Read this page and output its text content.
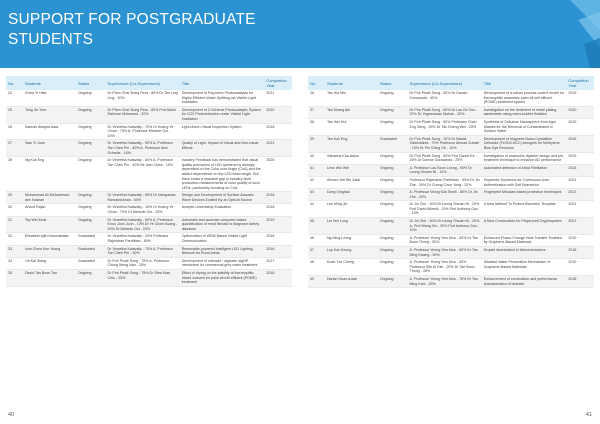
SUPPORT FOR POSTGRADUATE
STUDENTS
No.	Students	Status	Supervisors (Co-Supervisors)	Title	Completion Year
24	Chew Yi Hsia	Ongoing	Dr Phen Chai Siong Pear - 80% Dr Tan Ling Ling - 20%	Development of Polymeric Photocatalysts for Highly Efficient Water-Splitting via Visible-Light Irradiation	2021
25	Tang Jie Yinn	Ongoing	Dr Phen Chai Siong Pear - 80% Prof Abdul Rahman Mohamed - 20%	Development of Z-Scheme Photocatalytic System for CO2 Photoreduction under Visible Light Irradiation	2020
26	Sanush Abayee-kara	Ongoing	Dr Vineetha Kalavally - 70% Dr Kuang Ye Chow - 70% A. Professor Melanie Ooi - 10%	Light-driven Visual Inspection System	2018
27	Saw Yi Juan	Ongoing	Dr Vineetha Kalavally - 50% A. Professor Tan Chee Pin - 40% A. Professor Alex Scharlie - 10%	Quality of Light- Impact of Visual and Non-visual Effects	2021
28	Ng Kok Eng	Ongoing	Dr Vineetha Kalavally - 60% A. Professor Tan Chee Pin - 30% Mr Ivan Chew - 10%	Industry Feedback has demonstrated that visual quality perception of LED spectrum is strongly dependent on the Color over Angle (CoA) and the added dependence on the LED beam angle. But there exists a research gap in industry-level production measurements of color quality of such LEDs, particularly focusing on CoA.	2025
29	Mohammad Ali Mohammad-deh Kashan	Ongoing	Dr Vineetha Kalavally - 50% Dr Narayanan Ramakrishnan - 50%	Design and Development of Surface Acoustic Wave Devices Excited By an Optical Source	2018
30	Arvind Rajan	Ongoing	Dr Vineetha Kalavally - 15% Dr Kuang Ye Chow - 70% Dr Melanie Ooi - 15%	Analytic Uncertainty Evaluation	2018
31	Tey Wei Keat	Ongoing	Dr Vineetha Kalavally - 50% A. Professor Khoo Joon Joon - 10% Dr Ye Chow Kuang - 20% Dr Melanie Ooi - 20%	Automatic and accurate computer-based quantification of renal fibrosis to diagnose kidney diseases	2019
32	Elisabeth Ajith Karunatilaka	Graduated	Dr Vineetha Kalavally - 20% Professor Rajendran Parthiban - 80%	Optimization of WDM Based Visible Light Communication	2018
33	Ivan Chew Ken Yoong	Graduated	Dr Vineetha Kalavally - 70% A. Professor Tan Chee Pin - 30%	Renewable-powered Intelligent LED Lighting Network for Rural Areas	2016
34	Oh Kai Siang	Graduated	Dr Poh Phaik Song - 75% A. Professor Chung Meng Nan - 25%	Development of chitosan / alginate /AgNP membrane for commercial grey water treatment.	2017
35	David Tan Boon Tao	Ongoing	Dr Poh Phaik Song - 75% Dr Siew Kian Chin - 25%	Effect of drying on the stability of thermophilic mixed cultures for palm oil mill effluent (POME) treatment	2018
No.	Students	Status	Supervisors (Co-Supervisors)	Title	Completion Year
36	Tan Hui Min	Ongoing	Dr Poh Phaik Song - 60% Dr Darwin Gouwanda - 40%	Development of a robust process control model for thermophilic anaerobic palm oil mill effluent (POME) treatment system	2019
37	Tan Khang Ale	Ongoing	Dr Poh Phaik Song - 60% Dr Lau Ee Von - 20% Dr Yogeswaran Mohan - 20%	Investigation on the treatment of metal plating wastewater using micro-bubble flotation	2020
38	Tan Wei Hui	Ongoing	Dr Poh Phaik Song - 50% Professor Chan Eng Seng - 25% Dr Tan Kheng Wei - 25%	Synthesis of Cellulose Nanosphere from Agro Wastes for the Removal of Contaminants in Surface Water	2019
39	Tan Kok Eng	Graduated	Dr Poh Phaik Song - 10% Dr Babak Salamatinia - 70% Professor Ahmad Zuhairi - 10% Dr Pei Ching Oh - 10%	Development of Magnetic Nano-Crystalline Cellulose (Fe3O4-NCC) Aerogels for Methylene Blue Dye Removal	2016
40	Sabarina Kha-daloo	Ongoing	Dr Poh Phaik Song - 50% Prof Daniel Ee - 25% Dr Darwin Gouwanda - 25%	Investigation of anaerobic digester design and pre-treatment technique to enhance AD performance	2019
41	Lenz Wei Wei	Ongoing	A. Professor Lau Boon Leong - 90% Dr Leong Shiuan Ni - 10%	Automated detection of Atrial Fibrillation	2018
42	Ahmed Zeil Bin Zaidi	Ongoing	Professor Rajendran Parthiban - 50% Dr Jin Zhe - 30% Dr Chong Chun Yong - 20%	Keystroke Dynamics for Continuous User Authentication with Soft Biometrics	2021
43	Dong Xinghao	Ongoing	A. Professor Wong Kok Sheik - 80% Dr Jin Zhe - 20%	Fingerprint Minutiae-based protection techniques	2021
44	Lee Ming Jie	Ongoing	Dr Jin Zhe - 30% Dr Leong Shiuan Ni - 20% Prof David Alberdi - 20% Prof Anthony Guo - 10%	A New Method To Protect Biometric Template	2021
45	Lai Yen Lung	Ongoing	Dr Jin Zhe - 30% Dr Leong Shiuan Ni - 20% A. Prof Wang Xin - 30% Prof Anthony Guo - 10%	A New Construction for Fingerprint Cryptosystem	2021
46	Ng Ming Leong	Ongoing	A. Professor Yeong Yew Mun - 50% Dr Tan Boon Thong - 50%	Enhanced Phase-Change Heat Transfer Enabled by Graphene-Based Materials	2019
47	Loy Kok Keong	Ongoing	A. Professor Yeong Yew Mun - 50% Dr Tan Ming Kwang - 50%	Droplet Atomization in Micromechanics	2018
48	Kuah Tze Cheng	Ongoing	A. Professor Yeong Yew Mun - 50% Professor Sith Al Fah - 20% Dr Tan Boon Thong - 30%	Ultrafast Water Permeation Mechanism of Graphene-Based Materials	2019
49	Darlan Huan-a-kan	Ongoing	A. Professor Yeong Yew Mun - 75% Dr Tan Ming Kwa - 25%	Enhancement of combustion and performance characteristics of biofuels	2018
40	41
